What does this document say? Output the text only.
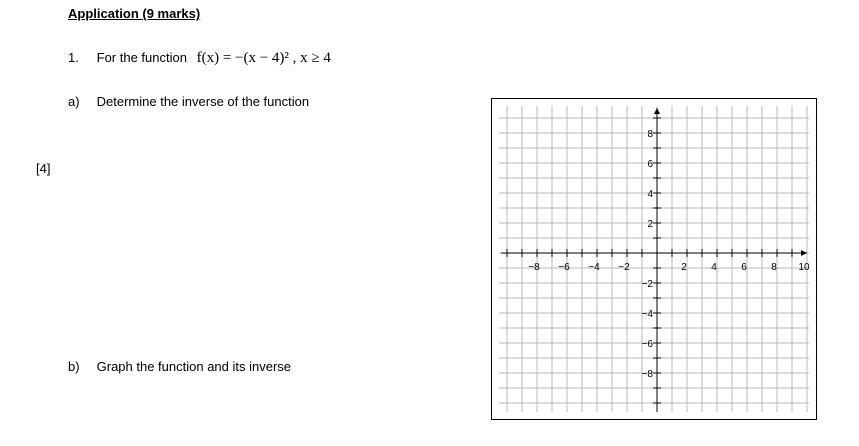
Application (9 marks)
1. For the function f(x) = −(x − 4)² , x ≥ 4
a) Determine the inverse of the function
[4]
b) Graph the function and its inverse
−8 −6 −4 −2	2 4 6 8 10
8
6
4
2
−2
−4
−6
−8
